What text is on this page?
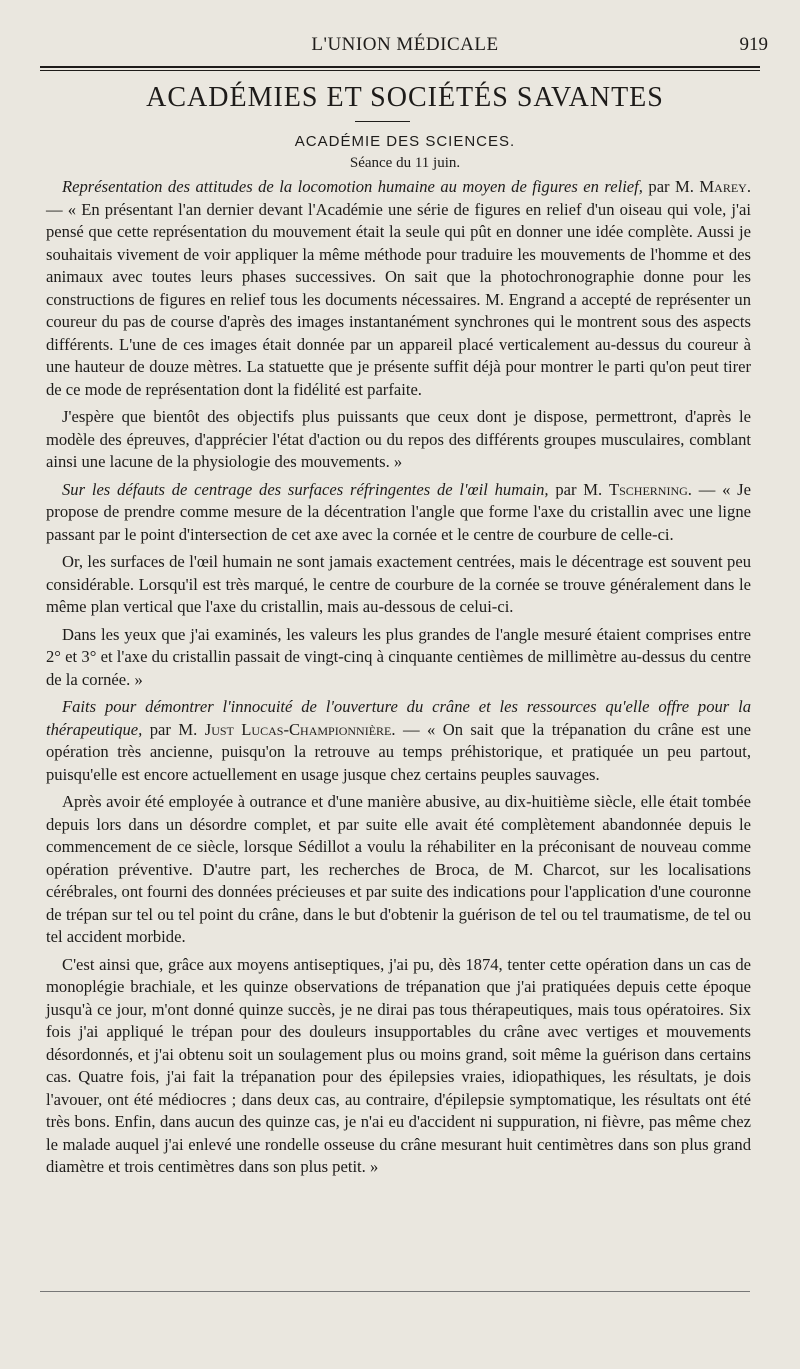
L'UNION MÉDICALE	919
ACADÉMIES ET SOCIÉTÉS SAVANTES
ACADÉMIE DES SCIENCES.
Séance du 11 juin.

Représentation des attitudes de la locomotion humaine au moyen de figures en relief, par M. Marey. — « En présentant l'an dernier devant l'Académie une série de figures en relief d'un oiseau qui vole, j'ai pensé que cette représentation du mouvement était la seule qui pût en donner une idée complète. Aussi je souhaitais vivement de voir appliquer la même méthode pour traduire les mouvements de l'homme et des animaux avec toutes leurs phases successives. On sait que la photochronographie donne pour les constructions de figures en relief tous les documents nécessaires. M. Engrand a accepté de représenter un coureur du pas de course d'après des images instantanément synchrones qui le montrent sous des aspects différents. L'une de ces images était donnée par un appareil placé verticalement au-dessus du coureur à une hauteur de douze mètres. La statuette que je présente suffit déjà pour montrer le parti qu'on peut tirer de ce mode de représentation dont la fidélité est parfaite.

J'espère que bientôt des objectifs plus puissants que ceux dont je dispose, permettront, d'après le modèle des épreuves, d'apprécier l'état d'action ou du repos des différents groupes musculaires, comblant ainsi une lacune de la physiologie des mouvements. »

Sur les défauts de centrage des surfaces réfringentes de l'œil humain, par M. Tscherning. — « Je propose de prendre comme mesure de la décentration l'angle que forme l'axe du cristallin avec une ligne passant par le point d'intersection de cet axe avec la cornée et le centre de courbure de celle-ci.

Or, les surfaces de l'œil humain ne sont jamais exactement centrées, mais le décentrage est souvent peu considérable. Lorsqu'il est très marqué, le centre de courbure de la cornée se trouve généralement dans le même plan vertical que l'axe du cristallin, mais au-dessous de celui-ci.

Dans les yeux que j'ai examinés, les valeurs les plus grandes de l'angle mesuré étaient comprises entre 2° et 3° et l'axe du cristallin passait de vingt-cinq à cinquante centièmes de millimètre au-dessus du centre de la cornée. »

Faits pour démontrer l'innocuité de l'ouverture du crâne et les ressources qu'elle offre pour la thérapeutique, par M. Just Lucas-Championnière. — « On sait que la trépanation du crâne est une opération très ancienne, puisqu'on la retrouve au temps préhistorique, et pratiquée un peu partout, puisqu'elle est encore actuellement en usage jusque chez certains peuples sauvages.

Après avoir été employée à outrance et d'une manière abusive, au dix-huitième siècle, elle était tombée depuis lors dans un désordre complet, et par suite elle avait été complètement abandonnée depuis le commencement de ce siècle, lorsque Sédillot a voulu la réhabiliter en la préconisant de nouveau comme opération préventive. D'autre part, les recherches de Broca, de M. Charcot, sur les localisations cérébrales, ont fourni des données précieuses et par suite des indications pour l'application d'une couronne de trépan sur tel ou tel point du crâne, dans le but d'obtenir la guérison de tel ou tel traumatisme, de tel ou tel accident morbide.

C'est ainsi que, grâce aux moyens antiseptiques, j'ai pu, dès 1874, tenter cette opération dans un cas de monoplégie brachiale, et les quinze observations de trépanation que j'ai pratiquées depuis cette époque jusqu'à ce jour, m'ont donné quinze succès, je ne dirai pas tous thérapeutiques, mais tous opératoires. Six fois j'ai appliqué le trépan pour des douleurs insupportables du crâne avec vertiges et mouvements désordonnés, et j'ai obtenu soit un soulagement plus ou moins grand, soit même la guérison dans certains cas. Quatre fois, j'ai fait la trépanation pour des épilepsies vraies, idiopathiques, les résultats, je dois l'avouer, ont été médiocres ; dans deux cas, au contraire, d'épilepsie symptomatique, les résultats ont été très bons. Enfin, dans aucun des quinze cas, je n'ai eu d'accident ni suppuration, ni fièvre, pas même chez le malade auquel j'ai enlevé une rondelle osseuse du crâne mesurant huit centimètres dans son plus grand diamètre et trois centimètres dans son plus petit. »
